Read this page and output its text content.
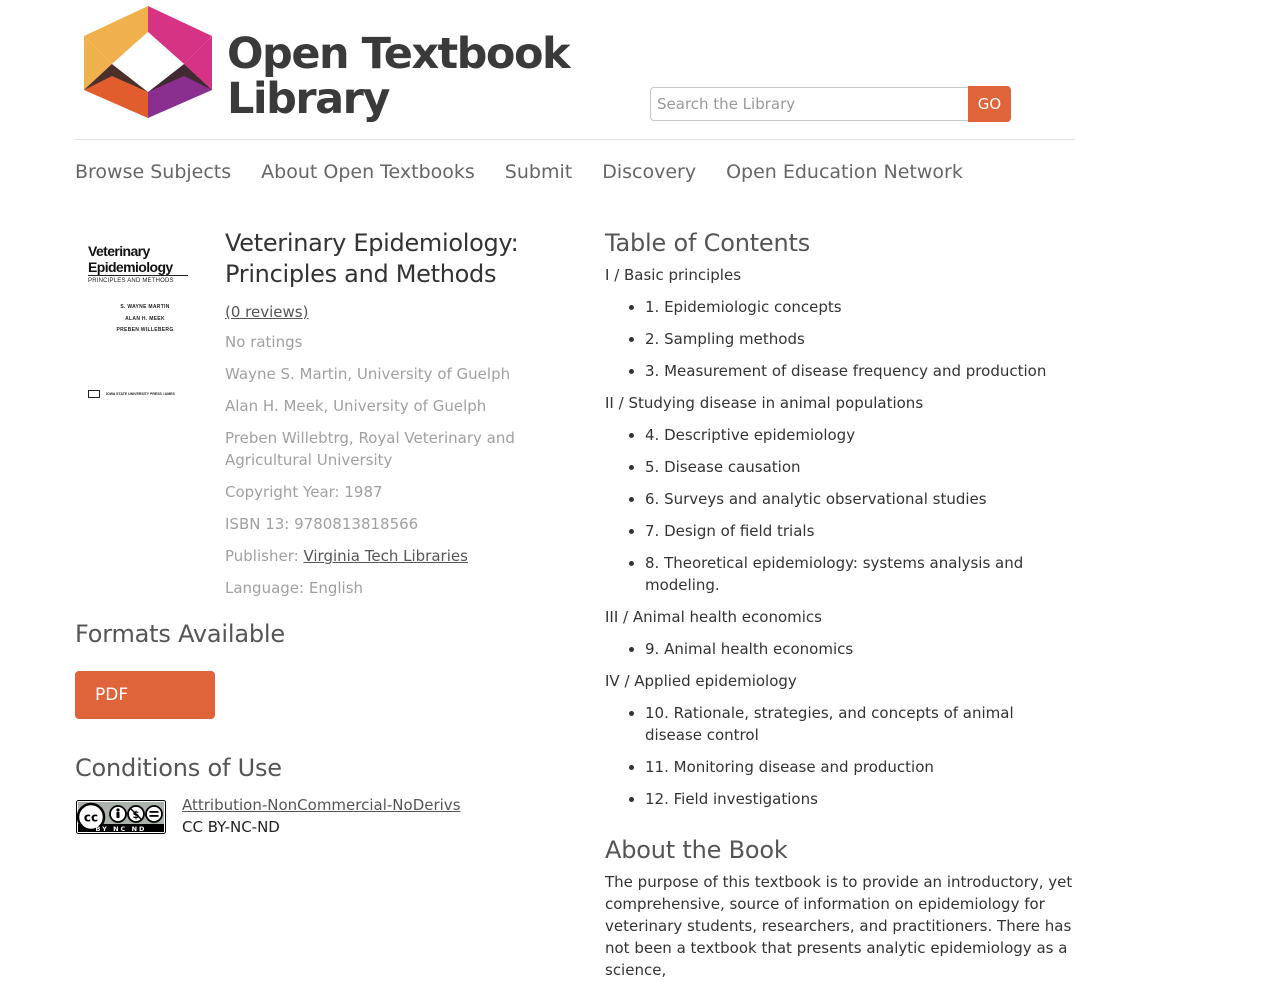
Open Textbook
Library
Search the Library	GO
Browse Subjects About Open Textbooks Submit Discovery Open Education Network
Veterinary
Epidemiology
PRINCIPLES AND METHODS
S. WAYNE MARTIN
ALAN H. MEEK
PREBEN WILLEBERG
IOWA STATE UNIVERSITY PRESS / AMES
Veterinary Epidemiology: Principles and Methods
(0 reviews)
No ratings
Wayne S. Martin, University of Guelph
Alan H. Meek, University of Guelph
Preben Willebtrg, Royal Veterinary and Agricultural University
Copyright Year: 1987
ISBN 13: 9780813818566
Publisher: Virginia Tech Libraries
Language: English
Formats Available
PDF
Conditions of Use
cc	$
BY NC ND
Attribution-NonCommercial-NoDerivs
CC BY-NC-ND
Table of Contents
I / Basic principles
• 1. Epidemiologic concepts
• 2. Sampling methods
• 3. Measurement of disease frequency and production
II / Studying disease in animal populations
• 4. Descriptive epidemiology
• 5. Disease causation
• 6. Surveys and analytic observational studies
• 7. Design of field trials
• 8. Theoretical epidemiology: systems analysis and modeling.
III / Animal health economics
• 9. Animal health economics
IV / Applied epidemiology
• 10. Rationale, strategies, and concepts of animal disease control
• 11. Monitoring disease and production
• 12. Field investigations
About the Book

The purpose of this textbook is to provide an introductory, yet comprehensive, source of information on epidemiology for veterinary students, researchers, and practitioners. There has not been a textbook that presents analytic epidemiology as a science,
